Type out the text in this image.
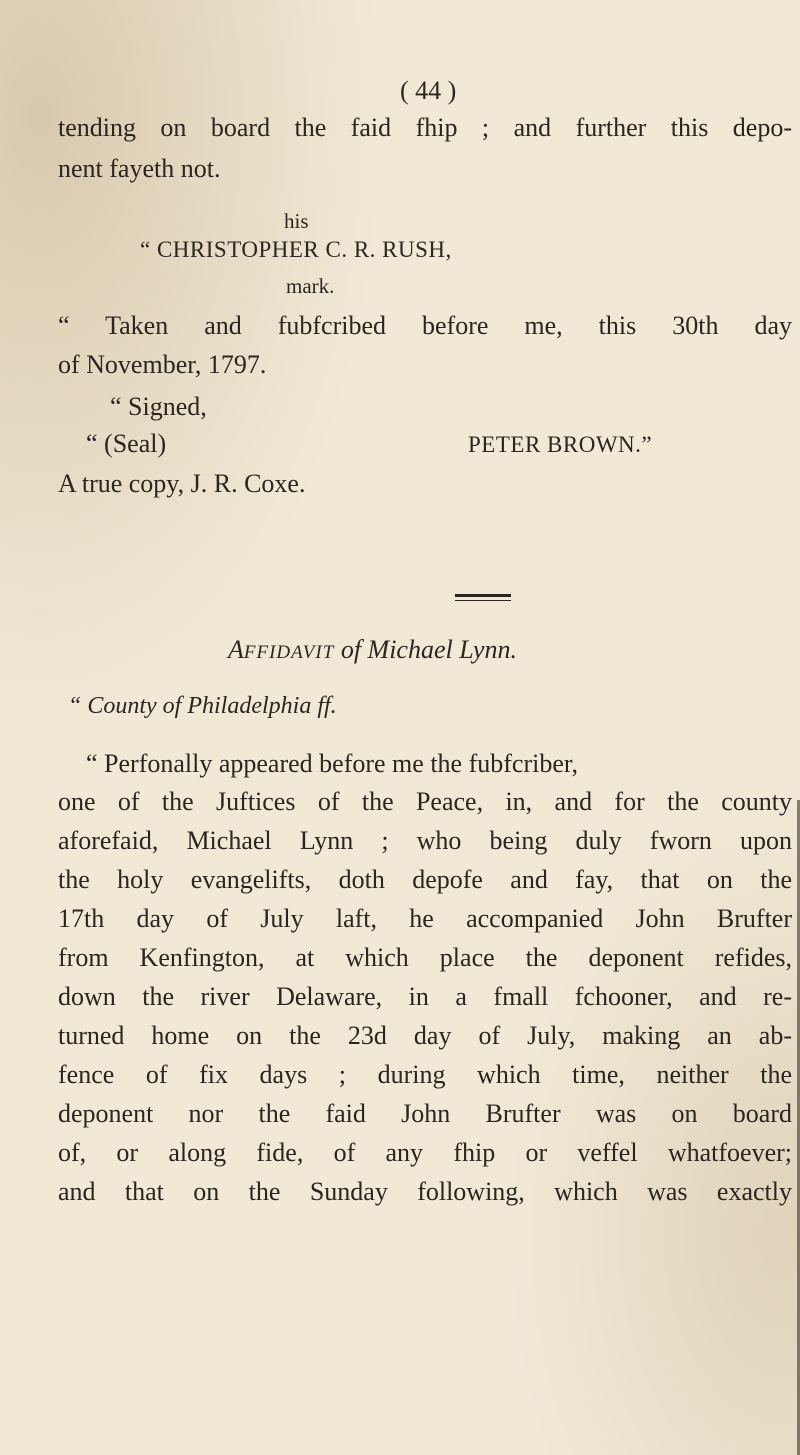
( 44 )
tending on board the faid fhip ; and further this depo-
nent fayeth not.
his
“ CHRISTOPHER C. R. RUSH,
mark.
“ Taken and fubfcribed before me, this 30th day
of November, 1797.
“ Signed,
“ (Seal)	PETER BROWN.”
A true copy, J. R. Coxe.
AFFIDAVIT of Michael Lynn.
“ County of Philadelphia ff.
“ Perfonally appeared before me the fubfcriber,
one of the Juftices of the Peace, in, and for the county
aforefaid, Michael Lynn ; who being duly fworn upon
the holy evangelifts, doth depofe and fay, that on the
17th day of July laft, he accompanied John Brufter
from Kenfington, at which place the deponent refides,
down the river Delaware, in a fmall fchooner, and re-
turned home on the 23d day of July, making an ab-
fence of fix days ; during which time, neither the
deponent nor the faid John Brufter was on board
of, or along fide, of any fhip or veffel whatfoever;
and that on the Sunday following, which was exactly
